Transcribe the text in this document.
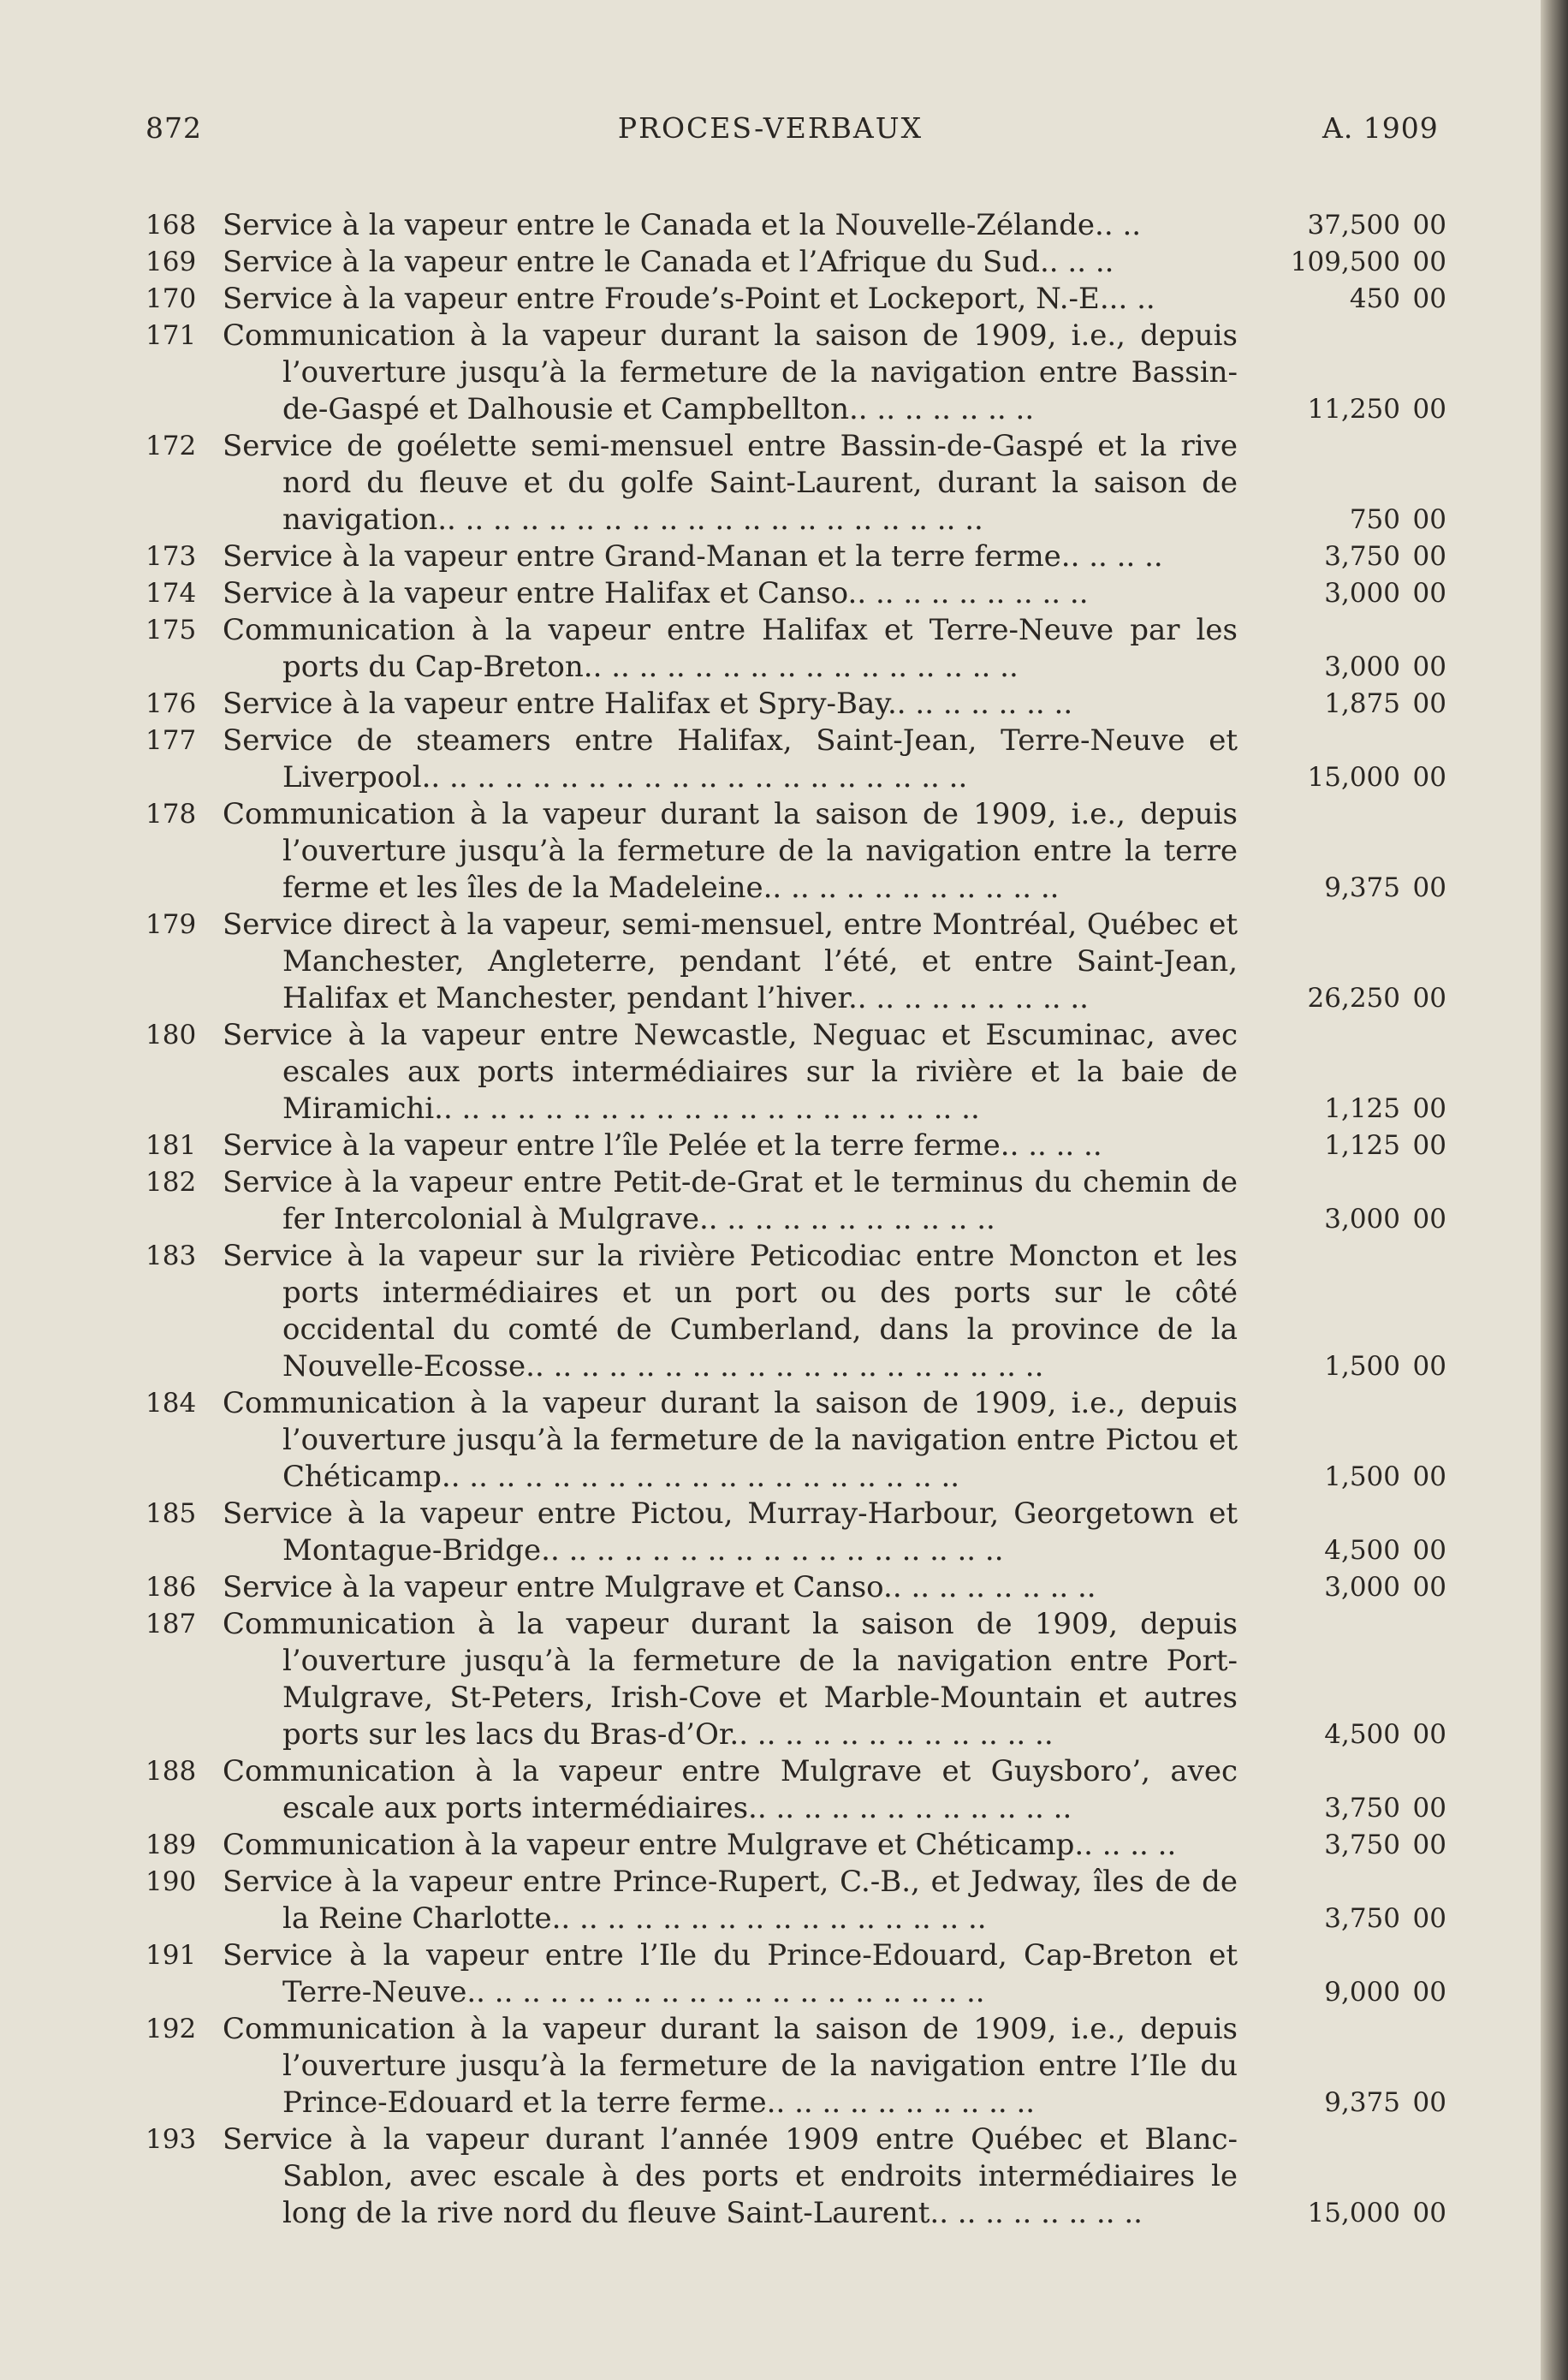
872	PROCES-VERBAUX	A. 1909
168 Service à la vapeur entre le Canada et la Nouvelle-Zélande.. ..	37,500 00
169 Service à la vapeur entre le Canada et l’Afrique du Sud.. .. ..	109,500 00
170 Service à la vapeur entre Froude’s-Point et Lockeport, N.-E... ..	450 00
171 Communication à la vapeur durant la saison de 1909, i.e., depuis l’ouverture jusqu’à la fermeture de la navigation entre Bassin-de-Gaspé et Dalhousie et Campbellton.. .. .. .. .. .. ..	11,250 00
172 Service de goélette semi-mensuel entre Bassin-de-Gaspé et la rive nord du fleuve et du golfe Saint-Laurent, durant la saison de navigation.. .. .. .. .. .. .. .. .. .. .. .. .. .. .. .. .. .. .. ..	750 00
173 Service à la vapeur entre Grand-Manan et la terre ferme.. .. .. ..	3,750 00
174 Service à la vapeur entre Halifax et Canso.. .. .. .. .. .. .. .. ..	3,000 00
175 Communication à la vapeur entre Halifax et Terre-Neuve par les ports du Cap-Breton.. .. .. .. .. .. .. .. .. .. .. .. .. .. .. ..	3,000 00
176 Service à la vapeur entre Halifax et Spry-Bay.. .. .. .. .. .. ..	1,875 00
177 Service de steamers entre Halifax, Saint-Jean, Terre-Neuve et Liverpool.. .. .. .. .. .. .. .. .. .. .. .. .. .. .. .. .. .. .. ..	15,000 00
178 Communication à la vapeur durant la saison de 1909, i.e., depuis l’ouverture jusqu’à la fermeture de la navigation entre la terre ferme et les îles de la Madeleine.. .. .. .. .. .. .. .. .. .. ..	9,375 00
179 Service direct à la vapeur, semi-mensuel, entre Montréal, Québec et Manchester, Angleterre, pendant l’été, et entre Saint-Jean, Halifax et Manchester, pendant l’hiver.. .. .. .. .. .. .. .. ..	26,250 00
180 Service à la vapeur entre Newcastle, Neguac et Escuminac, avec escales aux ports intermédiaires sur la rivière et la baie de Miramichi.. .. .. .. .. .. .. .. .. .. .. .. .. .. .. .. .. .. .. ..	1,125 00
181 Service à la vapeur entre l’île Pelée et la terre ferme.. .. .. ..	1,125 00
182 Service à la vapeur entre Petit-de-Grat et le terminus du chemin de fer Intercolonial à Mulgrave.. .. .. .. .. .. .. .. .. .. ..	3,000 00
183 Service à la vapeur sur la rivière Peticodiac entre Moncton et les ports intermédiaires et un port ou des ports sur le côté occidental du comté de Cumberland, dans la province de la Nouvelle-Ecosse.. .. .. .. .. .. .. .. .. .. .. .. .. .. .. .. .. .. ..	1,500 00
184 Communication à la vapeur durant la saison de 1909, i.e., depuis l’ouverture jusqu’à la fermeture de la navigation entre Pictou et Chéticamp.. .. .. .. .. .. .. .. .. .. .. .. .. .. .. .. .. .. ..	1,500 00
185 Service à la vapeur entre Pictou, Murray-Harbour, Georgetown et Montague-Bridge.. .. .. .. .. .. .. .. .. .. .. .. .. .. .. .. ..	4,500 00
186 Service à la vapeur entre Mulgrave et Canso.. .. .. .. .. .. .. ..	3,000 00
187 Communication à la vapeur durant la saison de 1909, depuis l’ouverture jusqu’à la fermeture de la navigation entre Port-Mulgrave, St-Peters, Irish-Cove et Marble-Mountain et autres ports sur les lacs du Bras-d’Or.. .. .. .. .. .. .. .. .. .. .. ..	4,500 00
188 Communication à la vapeur entre Mulgrave et Guysboro’, avec escale aux ports intermédiaires.. .. .. .. .. .. .. .. .. .. .. ..	3,750 00
189 Communication à la vapeur entre Mulgrave et Chéticamp.. .. .. ..	3,750 00
190 Service à la vapeur entre Prince-Rupert, C.-B., et Jedway, îles de de la Reine Charlotte.. .. .. .. .. .. .. .. .. .. .. .. .. .. .. ..	3,750 00
191 Service à la vapeur entre l’Ile du Prince-Edouard, Cap-Breton et Terre-Neuve.. .. .. .. .. .. .. .. .. .. .. .. .. .. .. .. .. .. ..	9,000 00
192 Communication à la vapeur durant la saison de 1909, i.e., depuis l’ouverture jusqu’à la fermeture de la navigation entre l’Ile du Prince-Edouard et la terre ferme.. .. .. .. .. .. .. .. .. ..	9,375 00
193 Service à la vapeur durant l’année 1909 entre Québec et Blanc-Sablon, avec escale à des ports et endroits intermédiaires le long de la rive nord du fleuve Saint-Laurent.. .. .. .. .. .. .. ..	15,000 00
